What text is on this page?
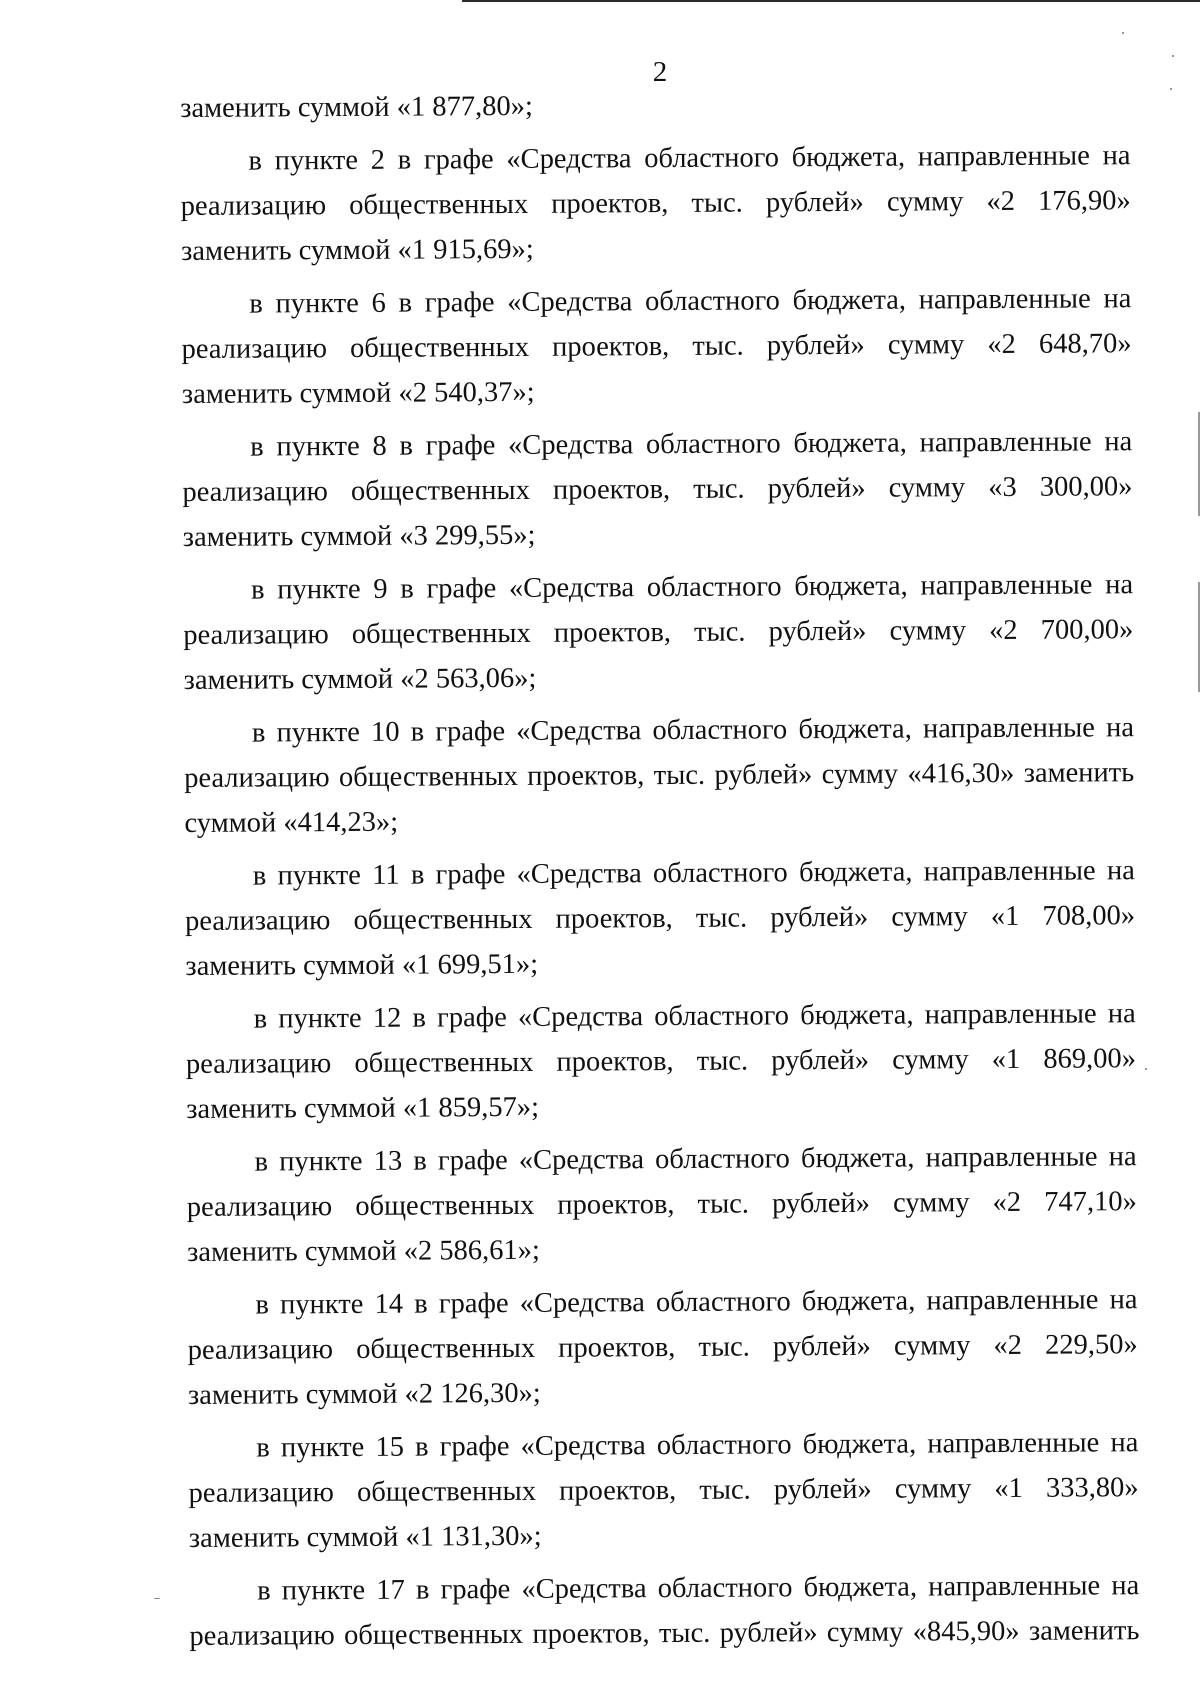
2

заменить суммой «1 877,80»;

в пункте 2 в графе «Средства областного бюджета, направленные на реализацию общественных проектов, тыс. рублей» сумму «2 176,90» заменить суммой «1 915,69»;

в пункте 6 в графе «Средства областного бюджета, направленные на реализацию общественных проектов, тыс. рублей» сумму «2 648,70» заменить суммой «2 540,37»;

в пункте 8 в графе «Средства областного бюджета, направленные на реализацию общественных проектов, тыс. рублей» сумму «3 300,00» заменить суммой «3 299,55»;

в пункте 9 в графе «Средства областного бюджета, направленные на реализацию общественных проектов, тыс. рублей» сумму «2 700,00» заменить суммой «2 563,06»;

в пункте 10 в графе «Средства областного бюджета, направленные на реализацию общественных проектов, тыс. рублей» сумму «416,30» заменить суммой «414,23»;

в пункте 11 в графе «Средства областного бюджета, направленные на реализацию общественных проектов, тыс. рублей» сумму «1 708,00» заменить суммой «1 699,51»;

в пункте 12 в графе «Средства областного бюджета, направленные на реализацию общественных проектов, тыс. рублей» сумму «1 869,00» заменить суммой «1 859,57»;

в пункте 13 в графе «Средства областного бюджета, направленные на реализацию общественных проектов, тыс. рублей» сумму «2 747,10» заменить суммой «2 586,61»;

в пункте 14 в графе «Средства областного бюджета, направленные на реализацию общественных проектов, тыс. рублей» сумму «2 229,50» заменить суммой «2 126,30»;

в пункте 15 в графе «Средства областного бюджета, направленные на реализацию общественных проектов, тыс. рублей» сумму «1 333,80» заменить суммой «1 131,30»;

в пункте 17 в графе «Средства областного бюджета, направленные на реализацию общественных проектов, тыс. рублей» сумму «845,90» заменить
